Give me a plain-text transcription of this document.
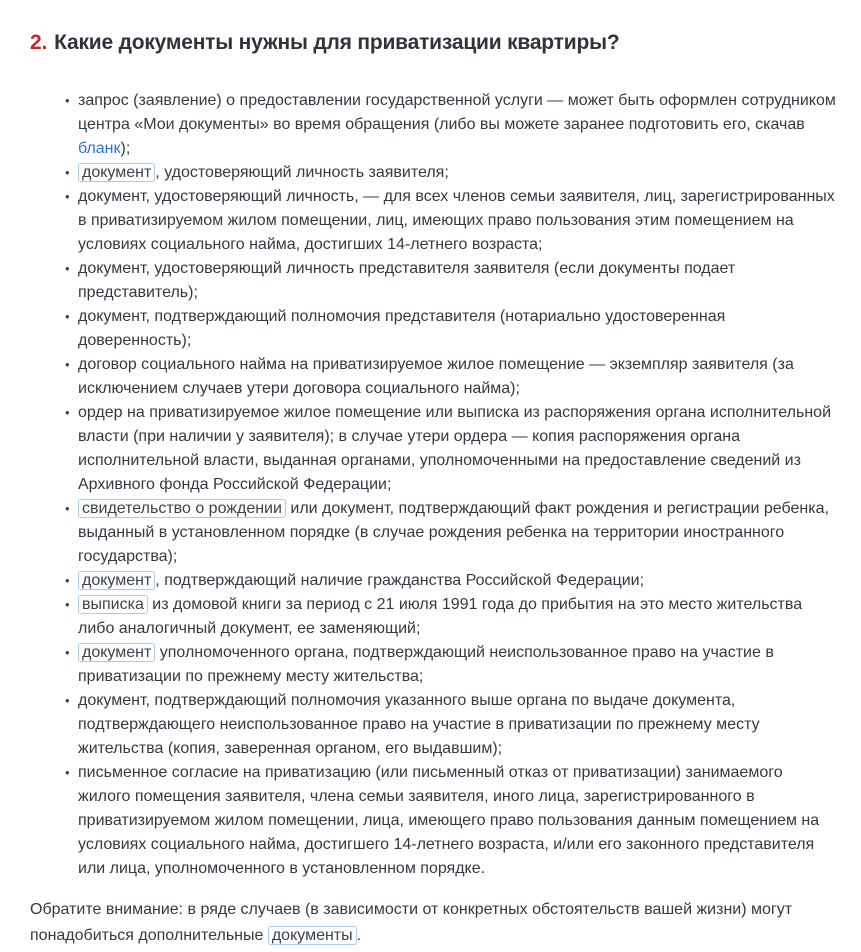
2. Какие документы нужны для приватизации квартиры?
• запрос (заявление) о предоставлении государственной услуги — может быть оформлен сотрудником центра «Мои документы» во время обращения (либо вы можете заранее подготовить его, скачав бланк);
• документ , удостоверяющий личность заявителя;
• документ, удостоверяющий личность, — для всех членов семьи заявителя, лиц, зарегистрированных в приватизируемом жилом помещении, лиц, имеющих право пользования этим помещением на условиях социального найма, достигших 14-летнего возраста;
• документ, удостоверяющий личность представителя заявителя (если документы подает представитель);
• документ, подтверждающий полномочия представителя (нотариально удостоверенная доверенность);
• договор социального найма на приватизируемое жилое помещение — экземпляр заявителя (за исключением случаев утери договора социального найма);
• ордер на приватизируемое жилое помещение или выписка из распоряжения органа исполнительной власти (при наличии у заявителя); в случае утери ордера — копия распоряжения органа исполнительной власти, выданная органами, уполномоченными на предоставление сведений из Архивного фонда Российской Федерации;
• свидетельство о рождении или документ, подтверждающий факт рождения и регистрации ребенка, выданный в установленном порядке (в случае рождения ребенка на территории иностранного государства);
• документ , подтверждающий наличие гражданства Российской Федерации;
• выписка из домовой книги за период с 21 июля 1991 года до прибытия на это место жительства либо аналогичный документ, ее заменяющий;
• документ уполномоченного органа, подтверждающий неиспользованное право на участие в приватизации по прежнему месту жительства;
• документ, подтверждающий полномочия указанного выше органа по выдаче документа, подтверждающего неиспользованное право на участие в приватизации по прежнему месту жительства (копия, заверенная органом, его выдавшим);
• письменное согласие на приватизацию (или письменный отказ от приватизации) занимаемого жилого помещения заявителя, члена семьи заявителя, иного лица, зарегистрированного в приватизируемом жилом помещении, лица, имеющего право пользования данным помещением на условиях социального найма, достигшего 14-летнего возраста, и/или его законного представителя или лица, уполномоченного в установленном порядке.

Обратите внимание: в ряде случаев (в зависимости от конкретных обстоятельств вашей жизни) могут понадобиться дополнительные документы .
